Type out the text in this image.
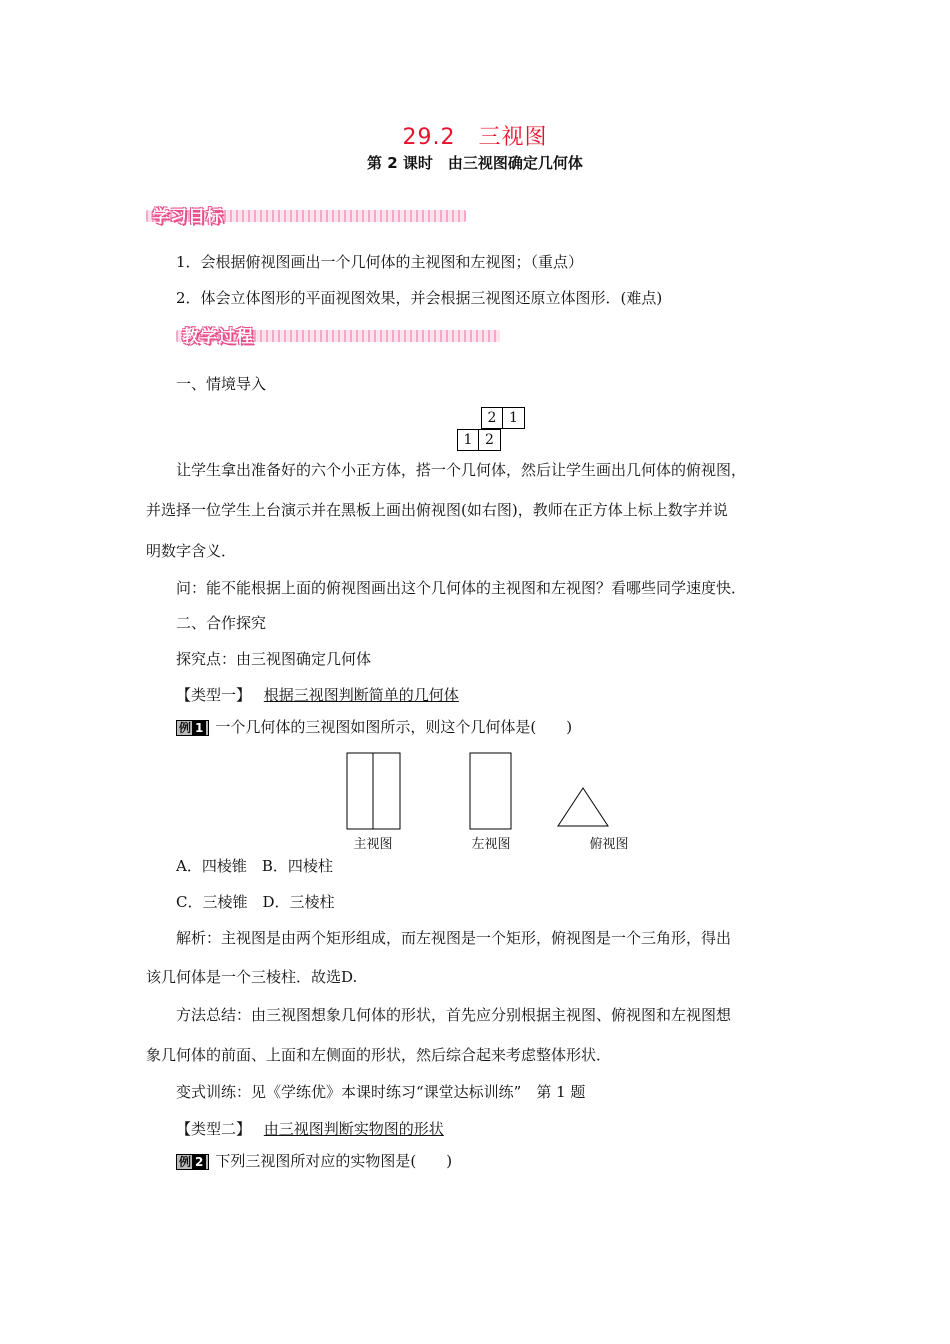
29.2　三视图
第 2 课时　由三视图确定几何体
学习目标
1．会根据俯视图画出一个几何体的主视图和左视图；（重点）
2．体会立体图形的平面视图效果，并会根据三视图还原立体图形．(难点)
教学过程
一、情境导入
2 1
1 2
让学生拿出准备好的六个小正方体，搭一个几何体，然后让学生画出几何体的俯视图，
并选择一位学生上台演示并在黑板上画出俯视图(如右图)，教师在正方体上标上数字并说
明数字含义．
问：能不能根据上面的俯视图画出这个几何体的主视图和左视图？看哪些同学速度快．
二、合作探究
探究点：由三视图确定几何体
【类型一】 根据三视图判断简单的几何体
例 1 一个几何体的三视图如图所示，则这个几何体是(　　)
主视图	左视图	俯视图
A．四棱锥　B．四棱柱
C．三棱锥　D．三棱柱
解析：主视图是由两个矩形组成，而左视图是一个矩形，俯视图是一个三角形，得出
该几何体是一个三棱柱．故选D.
方法总结：由三视图想象几何体的形状，首先应分别根据主视图、俯视图和左视图想
象几何体的前面、上面和左侧面的形状，然后综合起来考虑整体形状．
变式训练：见《学练优》本课时练习“课堂达标训练”　第 1 题
【类型二】 由三视图判断实物图的形状
例 2 下列三视图所对应的实物图是(　　)
